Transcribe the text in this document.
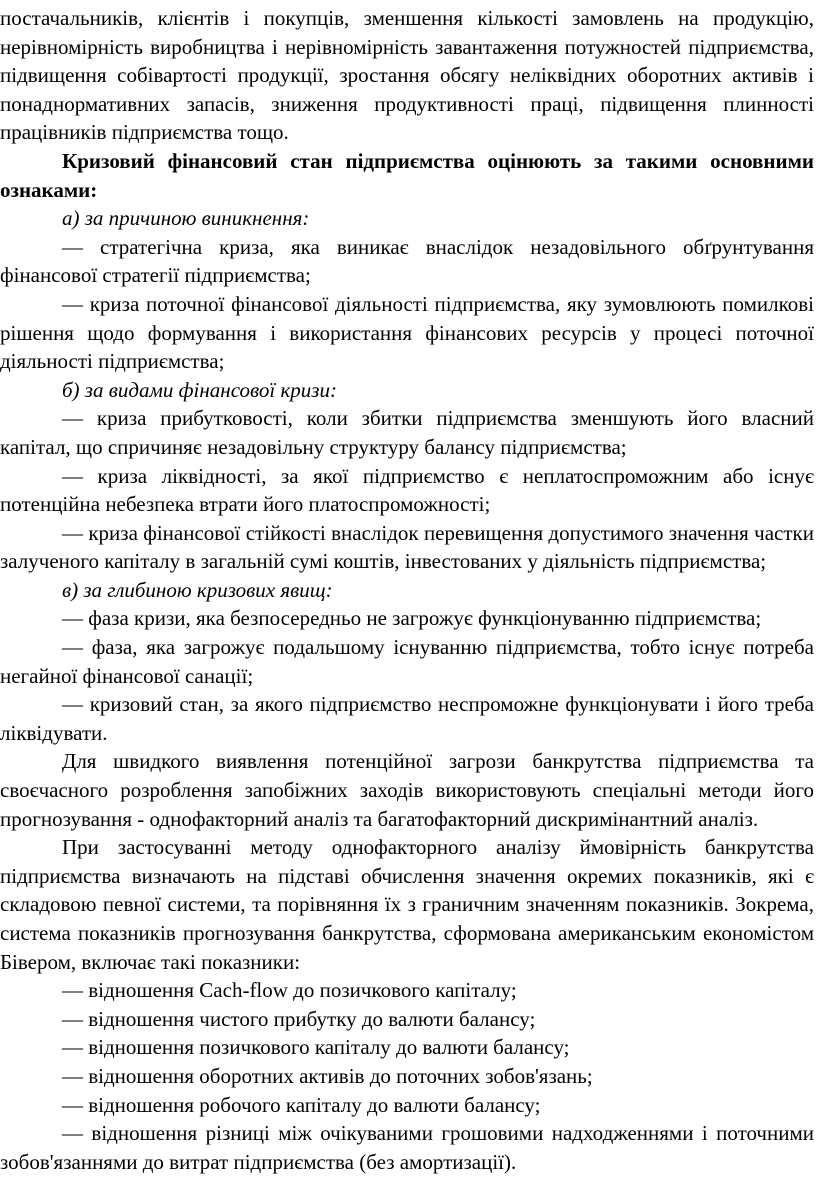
постачальників, клієнтів і покупців, зменшення кількості замовлень на продукцію, нерівномірність виробництва і нерівномірність завантаження потужностей підприємства, підвищення собівартості продукції, зростання обсягу неліквідних оборотних активів і понаднормативних запасів, зниження продуктивності праці, підвищення плинності працівників підприємства тощо.

Кризовий фінансовий стан підприємства оцінюють за такими основними ознаками:

а) за причиною виникнення:

— стратегічна криза, яка виникає внаслідок незадовільного обґрунтування фінансової стратегії підприємства;

— криза поточної фінансової діяльності підприємства, яку зумовлюють помилкові рішення щодо формування і використання фінансових ресурсів у процесі поточної діяльності підприємства;

б) за видами фінансової кризи:

— криза прибутковості, коли збитки підприємства зменшують його власний капітал, що спричиняє незадовільну структуру балансу підприємства;

— криза ліквідності, за якої підприємство є неплатоспроможним або існує потенційна небезпека втрати його платоспроможності;

— криза фінансової стійкості внаслідок перевищення допустимого значення частки залученого капіталу в загальній сумі коштів, інвестованих у діяльність підприємства;

в) за глибиною кризових явищ:

— фаза кризи, яка безпосередньо не загрожує функціонуванню підприємства;

— фаза, яка загрожує подальшому існуванню підприємства, тобто існує потреба негайної фінансової санації;

— кризовий стан, за якого підприємство неспроможне функціонувати і його треба ліквідувати.

Для швидкого виявлення потенційної загрози банкрутства підприємства та своєчасного розроблення запобіжних заходів використовують спеціальні методи його прогнозування - однофакторний аналіз та багатофакторний дискримінантний аналіз.

При застосуванні методу однофакторного аналізу ймовірність банкрутства підприємства визначають на підставі обчислення значення окремих показників, які є складовою певної системи, та порівняння їх з граничним значенням показників. Зокрема, система показників прогнозування банкрутства, сформована американським економістом Бівером, включає такі показники:

— відношення Cach-flow до позичкового капіталу;

— відношення чистого прибутку до валюти балансу;

— відношення позичкового капіталу до валюти балансу;

— відношення оборотних активів до поточних зобов'язань;

— відношення робочого капіталу до валюти балансу;

— відношення різниці між очікуваними грошовими надходженнями і поточними зобов'язаннями до витрат підприємства (без амортизації).
